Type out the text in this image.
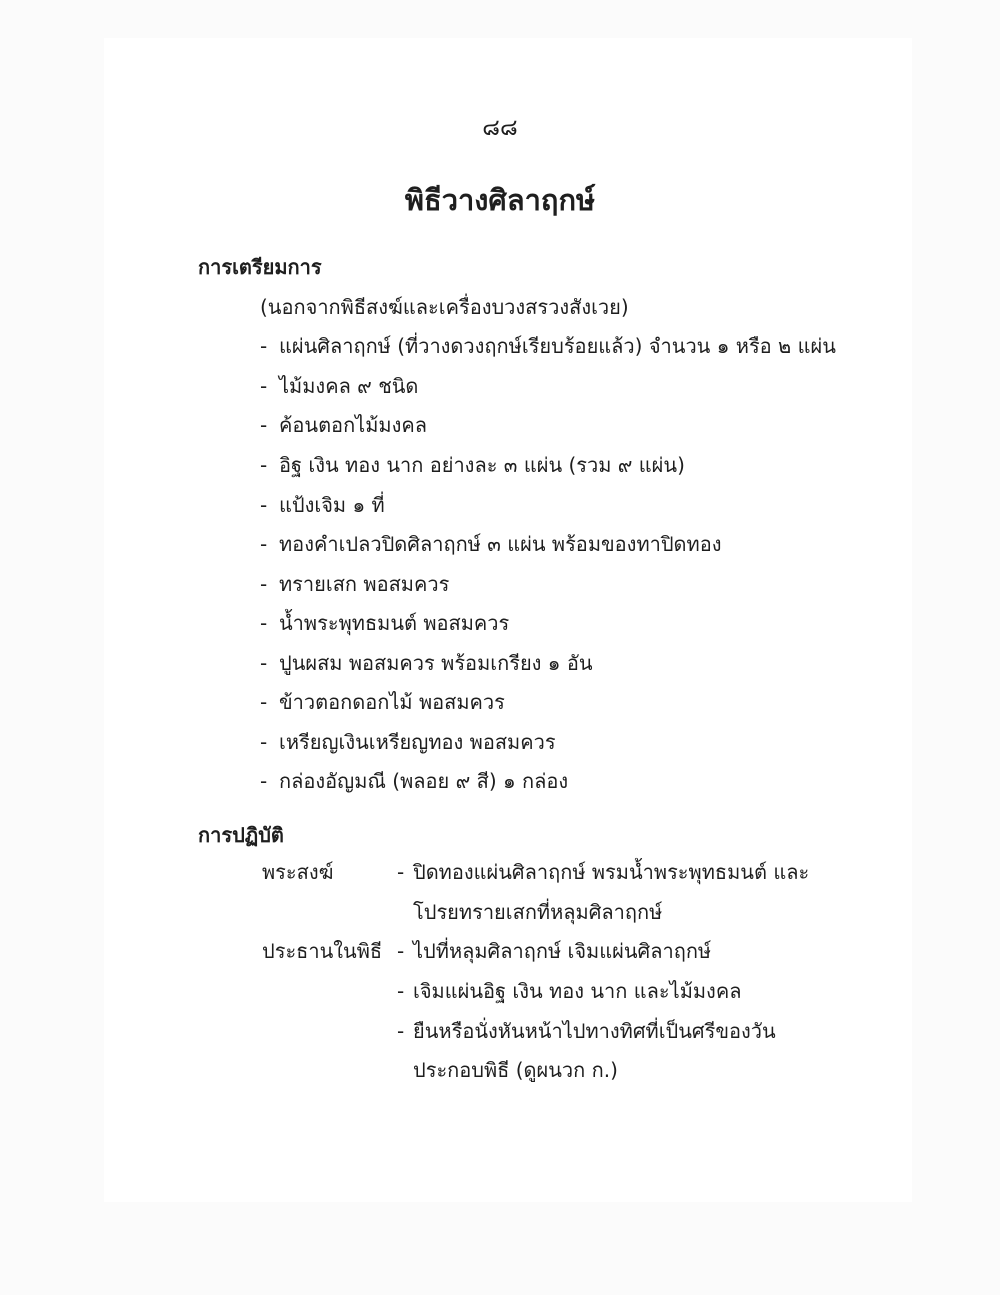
๘๘
พิธีวางศิลาฤกษ์
การเตรียมการ
(นอกจากพิธีสงฆ์และเครื่องบวงสรวงสังเวย)
- แผ่นศิลาฤกษ์ (ที่วางดวงฤกษ์เรียบร้อยแล้ว) จำนวน ๑ หรือ ๒ แผ่น
- ไม้มงคล ๙ ชนิด
- ค้อนตอกไม้มงคล
- อิฐ เงิน ทอง นาก อย่างละ ๓ แผ่น (รวม ๙ แผ่น)
- แป้งเจิม ๑ ที่
- ทองคำเปลวปิดศิลาฤกษ์ ๓ แผ่น พร้อมของทาปิดทอง
- ทรายเสก พอสมควร
- น้ำพระพุทธมนต์ พอสมควร
- ปูนผสม พอสมควร พร้อมเกรียง ๑ อัน
- ข้าวตอกดอกไม้ พอสมควร
- เหรียญเงินเหรียญทอง พอสมควร
- กล่องอัญมณี (พลอย ๙ สี) ๑ กล่อง
การปฏิบัติ
พระสงฆ์	- ปิดทองแผ่นศิลาฤกษ์ พรมน้ำพระพุทธมนต์ และ
โปรยทรายเสกที่หลุมศิลาฤกษ์
ประธานในพิธี - ไปที่หลุมศิลาฤกษ์ เจิมแผ่นศิลาฤกษ์
- เจิมแผ่นอิฐ เงิน ทอง นาก และไม้มงคล
- ยืนหรือนั่งหันหน้าไปทางทิศที่เป็นศรีของวัน
ประกอบพิธี (ดูผนวก ก.)
